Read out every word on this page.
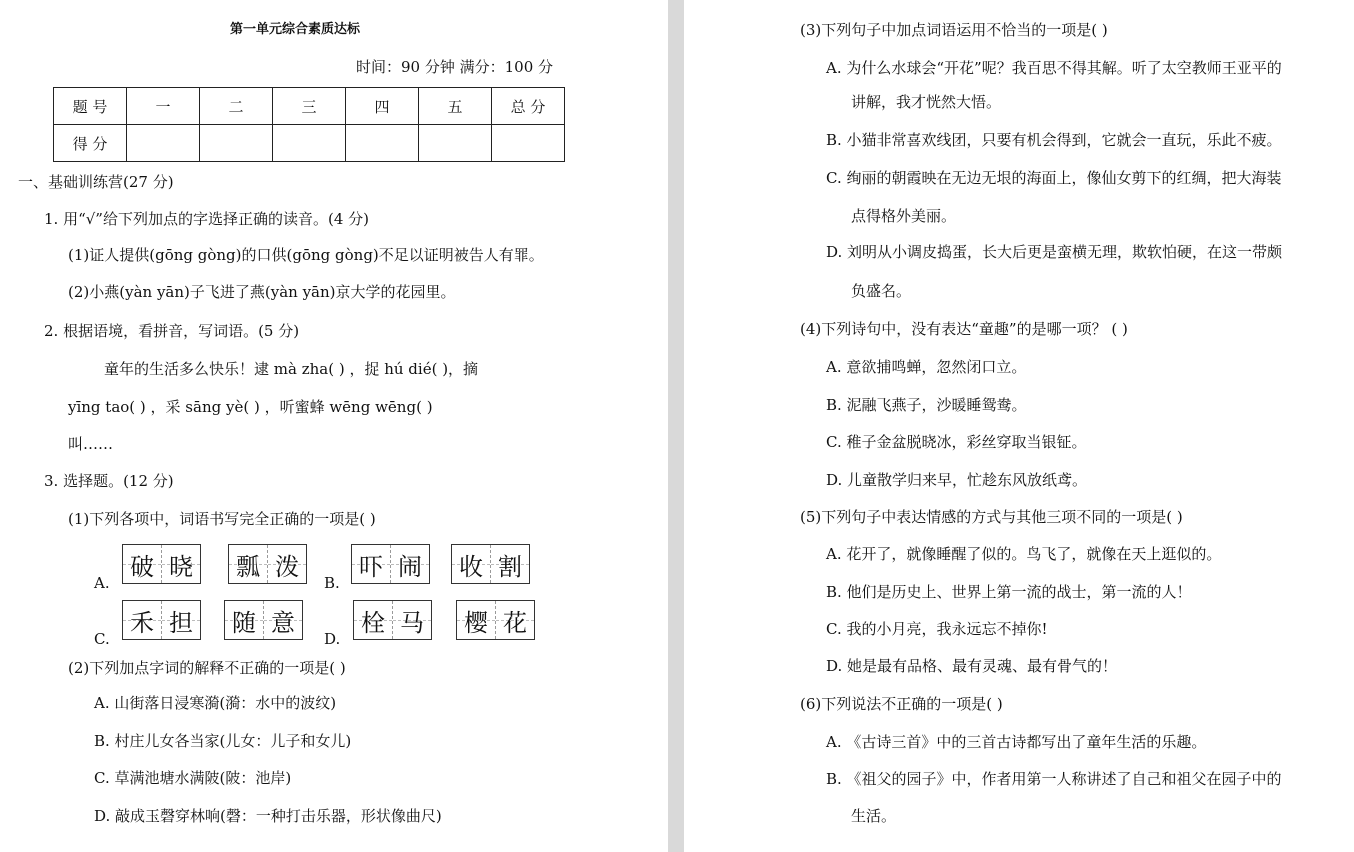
第一单元综合素质达标
时间：90 分钟 满分：100 分
题 号	一	二	三	四	五	总 分
得 分						
一、基础训练营(27 分)
1. 用“√”给下列加点的字选择正确的读音。(4 分)
(1)证人提供(gōng gòng)的口供(gōng gòng)不足以证明被告人有罪。
(2)小燕(yàn yān)子飞进了燕(yàn yān)京大学的花园里。
2. 根据语境，看拼音，写词语。(5 分)
童年的生活多么快乐！逮 mà zha( ) ，捉 hú dié( )，摘
yīng tao( ) ，采 sāng yè( ) ，听蜜蜂 wēng wēng( )
叫……
3. 选择题。(12 分)
(1)下列各项中，词语书写完全正确的一项是( )
A.
破 晓 瓢 泼
B.
吓 闹 收 割
C.
禾 担 随 意
D.
栓 马 樱 花
(2)下列加点字词的解释不正确的一项是( )
A. 山街落日浸寒漪(漪：水中的波纹)
B. 村庄儿女各当家(儿女：儿子和女儿)
C. 草满池塘水满陂(陂：池岸)
D. 敲成玉磬穿林响(磬：一种打击乐器，形状像曲尺)
(3)下列句子中加点词语运用不恰当的一项是( )
A. 为什么水球会“开花”呢？我百思不得其解。听了太空教师王亚平的
讲解，我才恍然大悟。
B. 小猫非常喜欢线团，只要有机会得到，它就会一直玩，乐此不疲。
C. 绚丽的朝霞映在无边无垠的海面上，像仙女剪下的红绸，把大海装
点得格外美丽。
D. 刘明从小调皮捣蛋，长大后更是蛮横无理，欺软怕硬，在这一带颇
负盛名。
(4)下列诗句中，没有表达“童趣”的是哪一项？ ( )
A. 意欲捕鸣蝉，忽然闭口立。
B. 泥融飞燕子，沙暖睡鸳鸯。
C. 稚子金盆脱晓冰，彩丝穿取当银钲。
D. 儿童散学归来早，忙趁东风放纸鸢。
(5)下列句子中表达情感的方式与其他三项不同的一项是( )
A. 花开了，就像睡醒了似的。鸟飞了，就像在天上逛似的。
B. 他们是历史上、世界上第一流的战士，第一流的人！
C. 我的小月亮，我永远忘不掉你!
D. 她是最有品格、最有灵魂、最有骨气的！
(6)下列说法不正确的一项是( )
A. 《古诗三首》中的三首古诗都写出了童年生活的乐趣。
B. 《祖父的园子》中，作者用第一人称讲述了自己和祖父在园子中的
生活。
